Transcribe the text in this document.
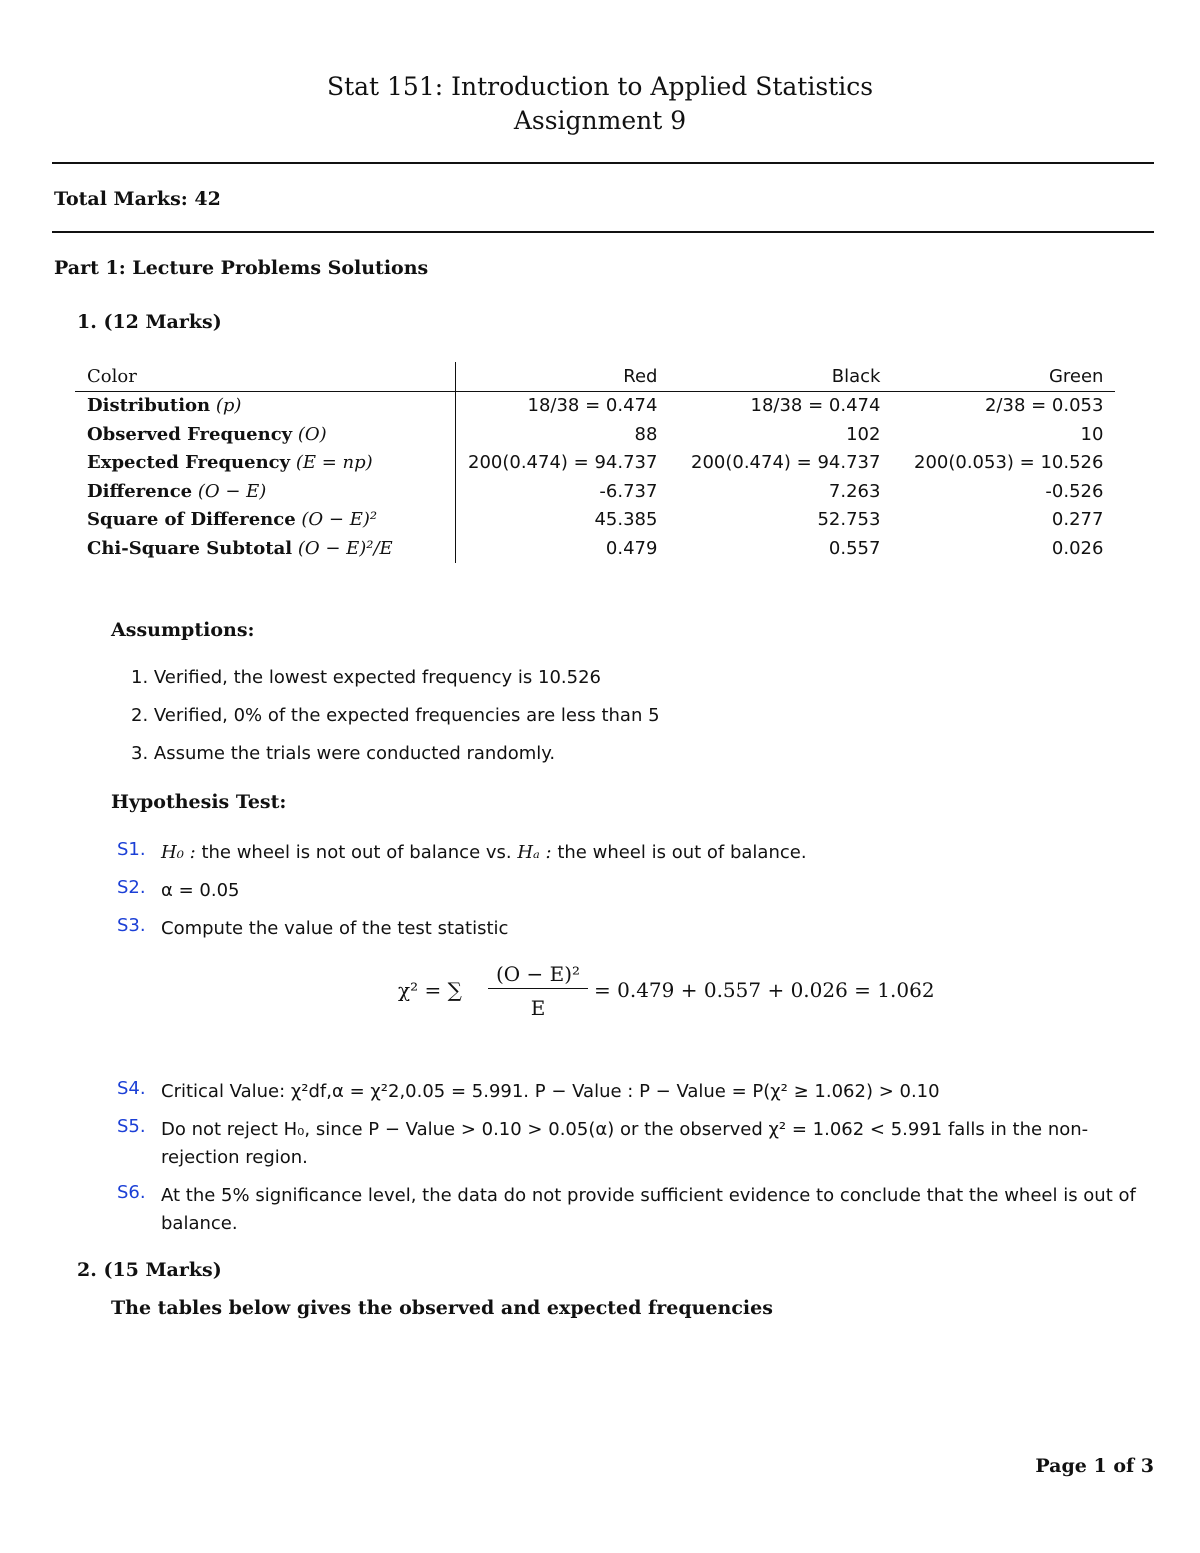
Stat 151: Introduction to Applied Statistics
Assignment 9
Total Marks: 42
Part 1: Lecture Problems Solutions
1. (12 Marks)
Color	Red	Black	Green
Distribution (p)	18/38 = 0.474	18/38 = 0.474	2/38 = 0.053
Observed Frequency (O)	88	102	10
Expected Frequency (E = np)	200(0.474) = 94.737	200(0.474) = 94.737	200(0.053) = 10.526
Difference (O − E)	-6.737	7.263	-0.526
Square of Difference (O − E)²	45.385	52.753	0.277
Chi-Square Subtotal (O − E)²/E	0.479	0.557	0.026
Assumptions:
1. Verified, the lowest expected frequency is 10.526
2. Verified, 0% of the expected frequencies are less than 5
3. Assume the trials were conducted randomly.
Hypothesis Test:
S1. H₀ : the wheel is not out of balance vs. Hₐ : the wheel is out of balance.
S2. α = 0.05
S3. Compute the value of the test statistic
χ² = ∑
(O − E)²
E
= 0.479 + 0.557 + 0.026 = 1.062
S4. Critical Value: χ²df,α = χ²2,0.05 = 5.991. P − Value : P − Value = P(χ² ≥ 1.062) > 0.10
S5. Do not reject H₀, since P − Value > 0.10 > 0.05(α) or the observed χ² = 1.062 < 5.991 falls in the non-rejection region.
S6. At the 5% significance level, the data do not provide sufficient evidence to conclude that the wheel is out of balance.
2. (15 Marks)
The tables below gives the observed and expected frequencies
Page 1 of 3
